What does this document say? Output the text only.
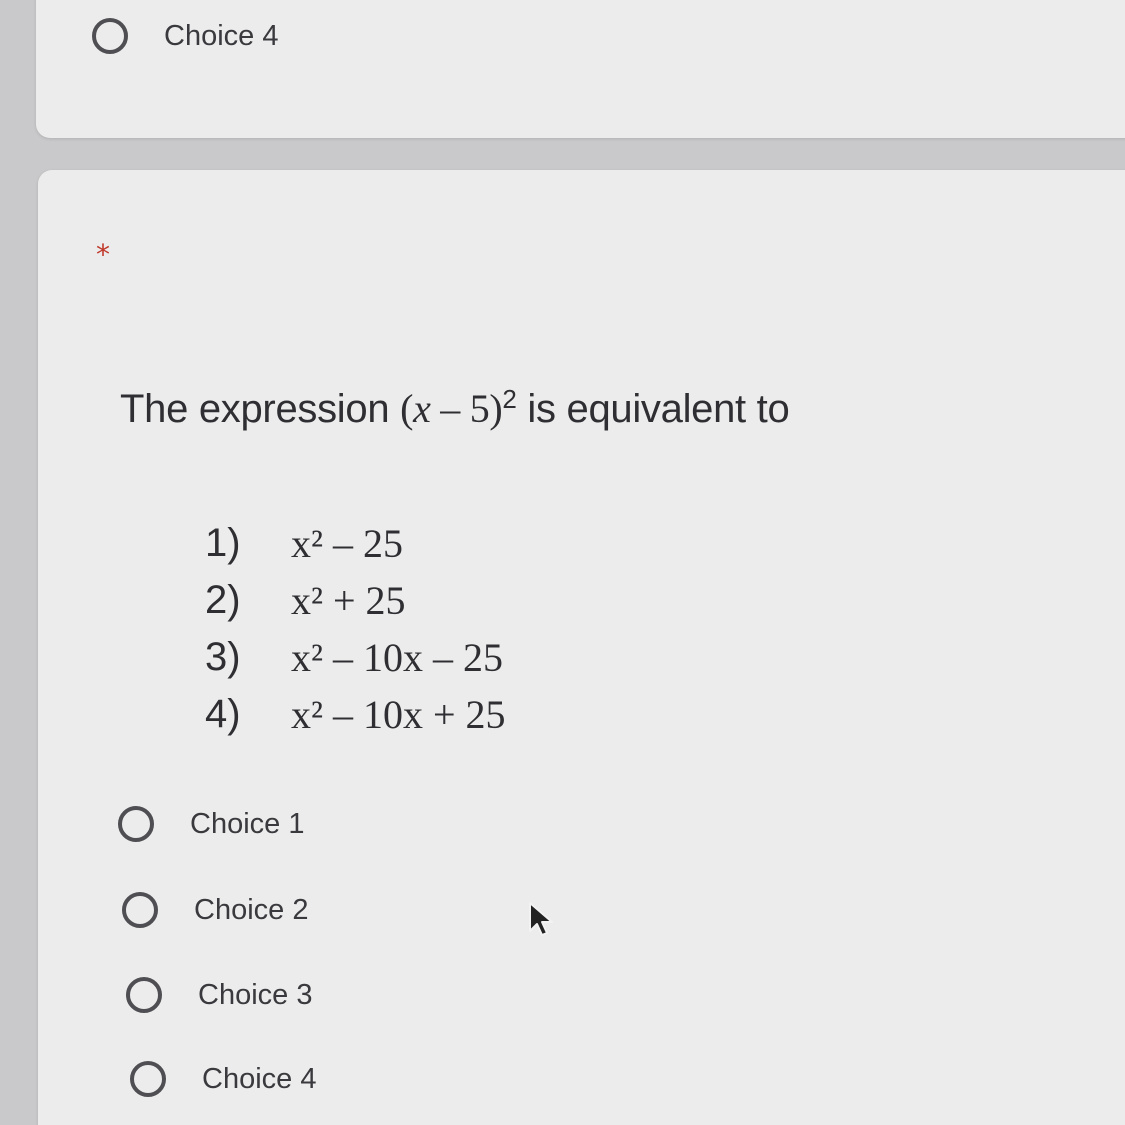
Choice 4
*
The expression (x – 5)$^2$ is equivalent to
1)	x² – 25
2)	x² + 25
3)	x² – 10x – 25
4)	x² – 10x + 25
Choice 1
Choice 2
Choice 3
Choice 4
